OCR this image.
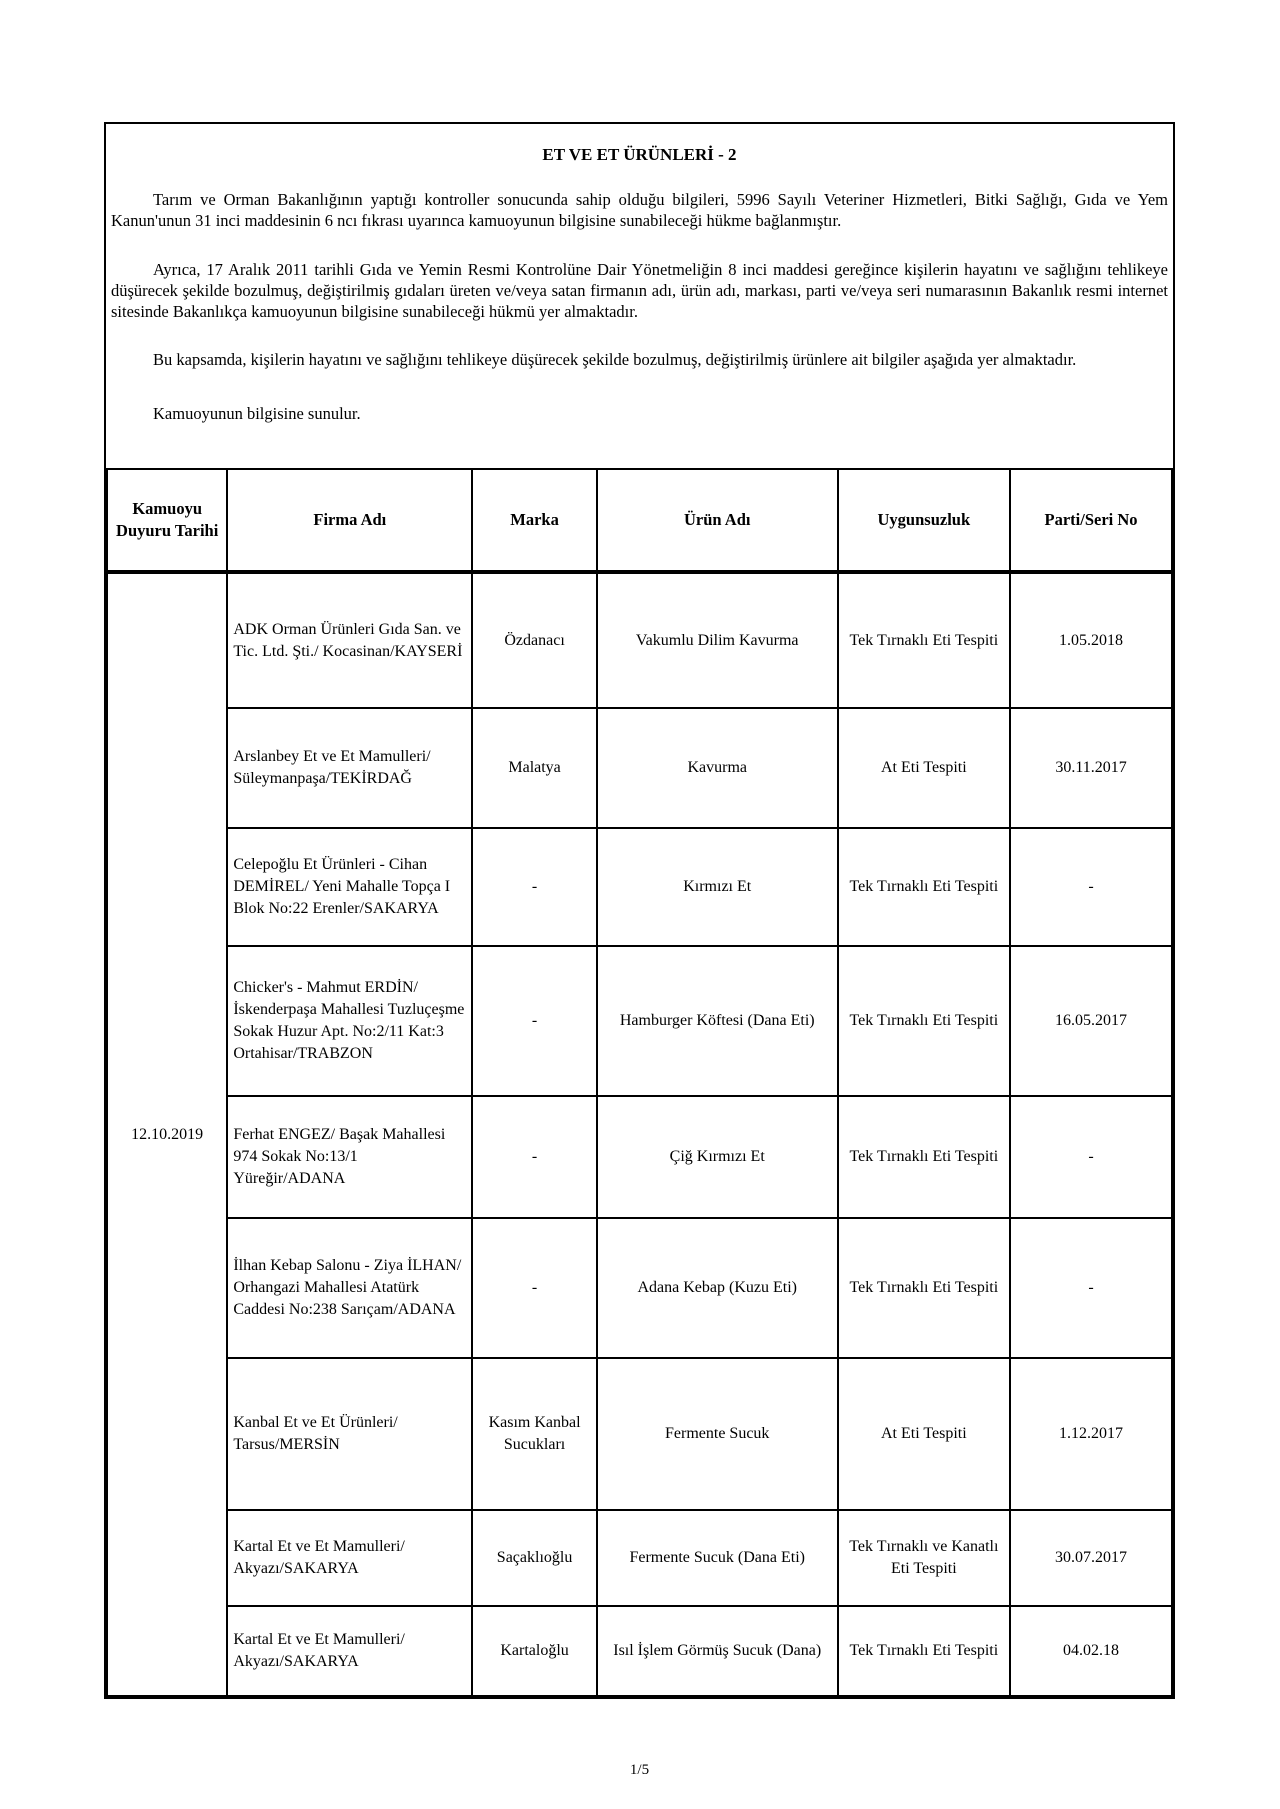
ET VE ET ÜRÜNLERİ - 2

Tarım ve Orman Bakanlığının yaptığı kontroller sonucunda sahip olduğu bilgileri, 5996 Sayılı Veteriner Hizmetleri, Bitki Sağlığı, Gıda ve Yem Kanun'unun 31 inci maddesinin 6 ncı fıkrası uyarınca kamuoyunun bilgisine sunabileceği hükme bağlanmıştır.

Ayrıca, 17 Aralık 2011 tarihli Gıda ve Yemin Resmi Kontrolüne Dair Yönetmeliğin 8 inci maddesi gereğince kişilerin hayatını ve sağlığını tehlikeye düşürecek şekilde bozulmuş, değiştirilmiş gıdaları üreten ve/veya satan firmanın adı, ürün adı, markası, parti ve/veya seri numarasının Bakanlık resmi internet sitesinde Bakanlıkça kamuoyunun bilgisine sunabileceği hükmü yer almaktadır.

Bu kapsamda, kişilerin hayatını ve sağlığını tehlikeye düşürecek şekilde bozulmuş, değiştirilmiş ürünlere ait bilgiler aşağıda yer almaktadır.

Kamuoyunun bilgisine sunulur.

Kamuoyu Duyuru Tarihi	Firma Adı	Marka	Ürün Adı	Uygunsuzluk	Parti/Seri No
12.10.2019	ADK Orman Ürünleri Gıda San. ve Tic. Ltd. Şti./ Kocasinan/KAYSERİ	Özdanacı	Vakumlu Dilim Kavurma	Tek Tırnaklı Eti Tespiti	1.05.2018
	Arslanbey Et ve Et Mamulleri/ Süleymanpaşa/TEKİRDAĞ	Malatya	Kavurma	At Eti Tespiti	30.11.2017
	Celepoğlu Et Ürünleri - Cihan DEMİREL/ Yeni Mahalle Topça I Blok No:22 Erenler/SAKARYA	-	Kırmızı Et	Tek Tırnaklı Eti Tespiti	-
	Chicker's - Mahmut ERDİN/ İskenderpaşa Mahallesi Tuzluçeşme Sokak Huzur Apt. No:2/11 Kat:3 Ortahisar/TRABZON	-	Hamburger Köftesi (Dana Eti)	Tek Tırnaklı Eti Tespiti	16.05.2017
	Ferhat ENGEZ/ Başak Mahallesi 974 Sokak No:13/1 Yüreğir/ADANA	-	Çiğ Kırmızı Et	Tek Tırnaklı Eti Tespiti	-
	İlhan Kebap Salonu - Ziya İLHAN/ Orhangazi Mahallesi Atatürk Caddesi No:238 Sarıçam/ADANA	-	Adana Kebap (Kuzu Eti)	Tek Tırnaklı Eti Tespiti	-
	Kanbal Et ve Et Ürünleri/ Tarsus/MERSİN	Kasım Kanbal Sucukları	Fermente Sucuk	At Eti Tespiti	1.12.2017
	Kartal Et ve Et Mamulleri/ Akyazı/SAKARYA	Saçaklıoğlu	Fermente Sucuk (Dana Eti)	Tek Tırnaklı ve Kanatlı Eti Tespiti	30.07.2017
	Kartal Et ve Et Mamulleri/ Akyazı/SAKARYA	Kartaloğlu	Isıl İşlem Görmüş Sucuk (Dana)	Tek Tırnaklı Eti Tespiti	04.02.18
1/5
